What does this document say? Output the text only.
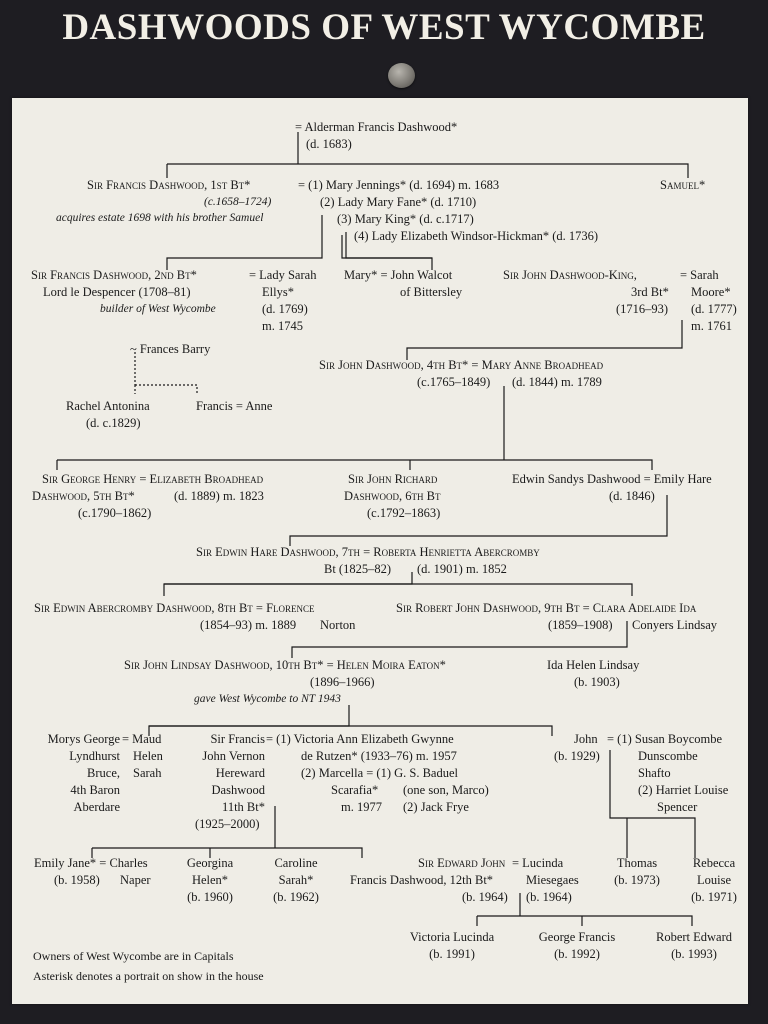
DASHWOODS OF WEST WYCOMBE
= Alderman Francis Dashwood*
(d. 1683)
Sir Francis Dashwood, 1st Bt*
(c.1658–1724)
acquires estate 1698 with his brother Samuel
= (1) Mary Jennings* (d. 1694) m. 1683
(2) Lady Mary Fane* (d. 1710)
(3) Mary King* (d. c.1717)
(4) Lady Elizabeth Windsor-Hickman* (d. 1736)
Samuel*
Sir Francis Dashwood, 2nd Bt*
Lord le Despencer (1708–81)
builder of West Wycombe
= Lady Sarah
Ellys*
(d. 1769)
m. 1745
Mary* = John Walcot
of Bittersley
Sir John Dashwood-King,
3rd Bt*
(1716–93)
= Sarah
Moore*
(d. 1777)
m. 1761
~ Frances Barry
Rachel Antonina
(d. c.1829)
Francis = Anne
Sir John Dashwood, 4th Bt* = Mary Anne Broadhead
(c.1765–1849) (d. 1844) m. 1789
Sir George Henry = Elizabeth Broadhead
Dashwood, 5th Bt*	(d. 1889) m. 1823
(c.1790–1862)
Sir John Richard
Dashwood, 6th Bt
(c.1792–1863)
Edwin Sandys Dashwood = Emily Hare
(d. 1846)
Sir Edwin Hare Dashwood, 7th = Roberta Henrietta Abercromby
Bt (1825–82) (d. 1901) m. 1852
Sir Edwin Abercromby Dashwood, 8th Bt = Florence
(1854–93) m. 1889 Norton
Sir Robert John Dashwood, 9th Bt = Clara Adelaide Ida
(1859–1908) Conyers Lindsay
Sir John Lindsay Dashwood, 10th Bt* = Helen Moira Eaton*
(1896–1966)
gave West Wycombe to NT 1943
Ida Helen Lindsay
(b. 1903)
Morys George
Lyndhurst
Bruce,
4th Baron
Aberdare
= Maud
Helen
Sarah
Sir Francis
John Vernon
Hereward
Dashwood
11th Bt*
(1925–2000)
= (1) Victoria Ann Elizabeth Gwynne
de Rutzen* (1933–76) m. 1957
(2) Marcella = (1) G. S. Baduel
Scarafia* (one son, Marco)
m. 1977 (2) Jack Frye
John
(b. 1929)
= (1) Susan Boycombe
Dunscombe
Shafto
(2) Harriet Louise
Spencer
Emily Jane* = Charles
(b. 1958) Naper
Georgina
Helen*
(b. 1960)
Caroline
Sarah*
(b. 1962)
Sir Edward John
Francis Dashwood, 12th Bt*
(b. 1964)
= Lucinda
Miesegaes
(b. 1964)
Thomas
(b. 1973)
Rebecca
Louise
(b. 1971)
Victoria Lucinda
(b. 1991)
George Francis
(b. 1992)
Robert Edward
(b. 1993)
Owners of West Wycombe are in Capitals
Asterisk denotes a portrait on show in the house
